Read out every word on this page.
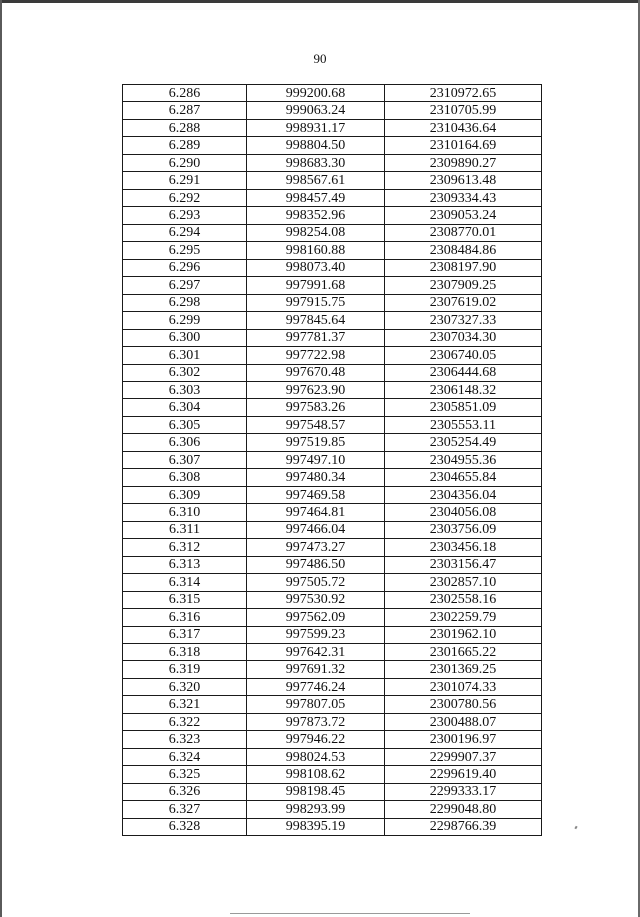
90
6.286	999200.68	2310972.65
6.287	999063.24	2310705.99
6.288	998931.17	2310436.64
6.289	998804.50	2310164.69
6.290	998683.30	2309890.27
6.291	998567.61	2309613.48
6.292	998457.49	2309334.43
6.293	998352.96	2309053.24
6.294	998254.08	2308770.01
6.295	998160.88	2308484.86
6.296	998073.40	2308197.90
6.297	997991.68	2307909.25
6.298	997915.75	2307619.02
6.299	997845.64	2307327.33
6.300	997781.37	2307034.30
6.301	997722.98	2306740.05
6.302	997670.48	2306444.68
6.303	997623.90	2306148.32
6.304	997583.26	2305851.09
6.305	997548.57	2305553.11
6.306	997519.85	2305254.49
6.307	997497.10	2304955.36
6.308	997480.34	2304655.84
6.309	997469.58	2304356.04
6.310	997464.81	2304056.08
6.311	997466.04	2303756.09
6.312	997473.27	2303456.18
6.313	997486.50	2303156.47
6.314	997505.72	2302857.10
6.315	997530.92	2302558.16
6.316	997562.09	2302259.79
6.317	997599.23	2301962.10
6.318	997642.31	2301665.22
6.319	997691.32	2301369.25
6.320	997746.24	2301074.33
6.321	997807.05	2300780.56
6.322	997873.72	2300488.07
6.323	997946.22	2300196.97
6.324	998024.53	2299907.37
6.325	998108.62	2299619.40
6.326	998198.45	2299333.17
6.327	998293.99	2299048.80
6.328	998395.19	2298766.39
